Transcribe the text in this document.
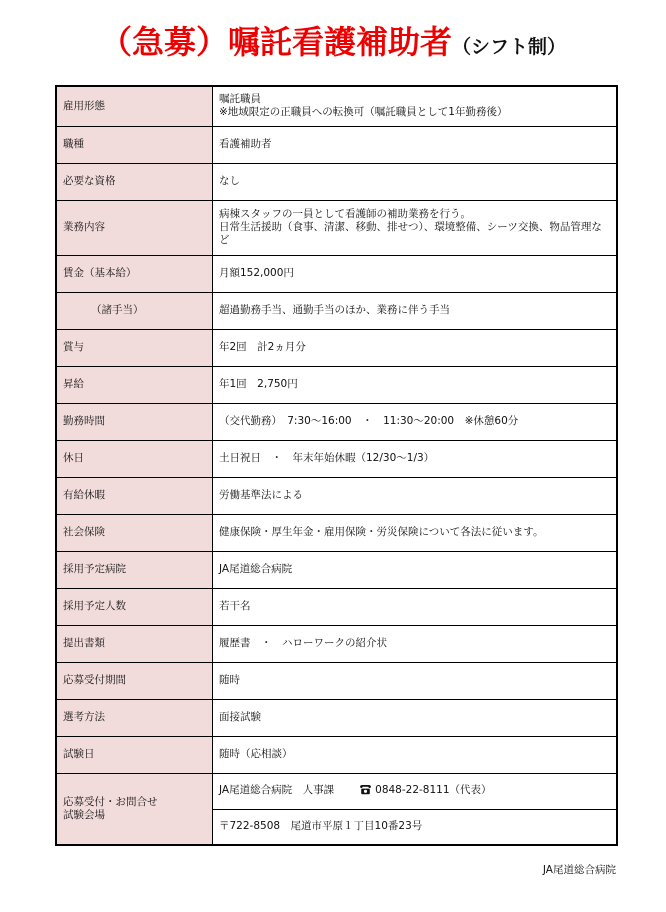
（急募）嘱託看護補助者（シフト制）
雇用形態	嘱託職員
※地域限定の正職員への転換可（嘱託職員として1年勤務後）

職種	看護補助者
必要な資格	なし
業務内容	病棟スタッフの一員として看護師の補助業務を行う。
日常生活援助（食事、清潔、移動、排せつ）、環境整備、シーツ交換、物品管理など

賃金（基本給）	月額152,000円
（諸手当）	超過勤務手当、通勤手当のほか、業務に伴う手当
賞与	年2回　計2ヵ月分
昇給	年1回　2,750円
勤務時間	（交代勤務）　7:30～16:00　・　11:30～20:00　※休憩60分
休日	土日祝日　・　年末年始休暇（12/30～1/3）
有給休暇	労働基準法による
社会保険	健康保険・厚生年金・雇用保険・労災保険について各法に従います。
採用予定病院	JA尾道総合病院
採用予定人数	若干名
提出書類	履歴書　・　ハローワークの紹介状
応募受付期間	随時
選考方法	面接試験
試験日	随時（応相談）

応募受付・お問合せ
試験会場	JA尾道総合病院　人事課 0848-22-8111（代表）
	〒722-8508　尾道市平原１丁目10番23号
JA尾道総合病院
